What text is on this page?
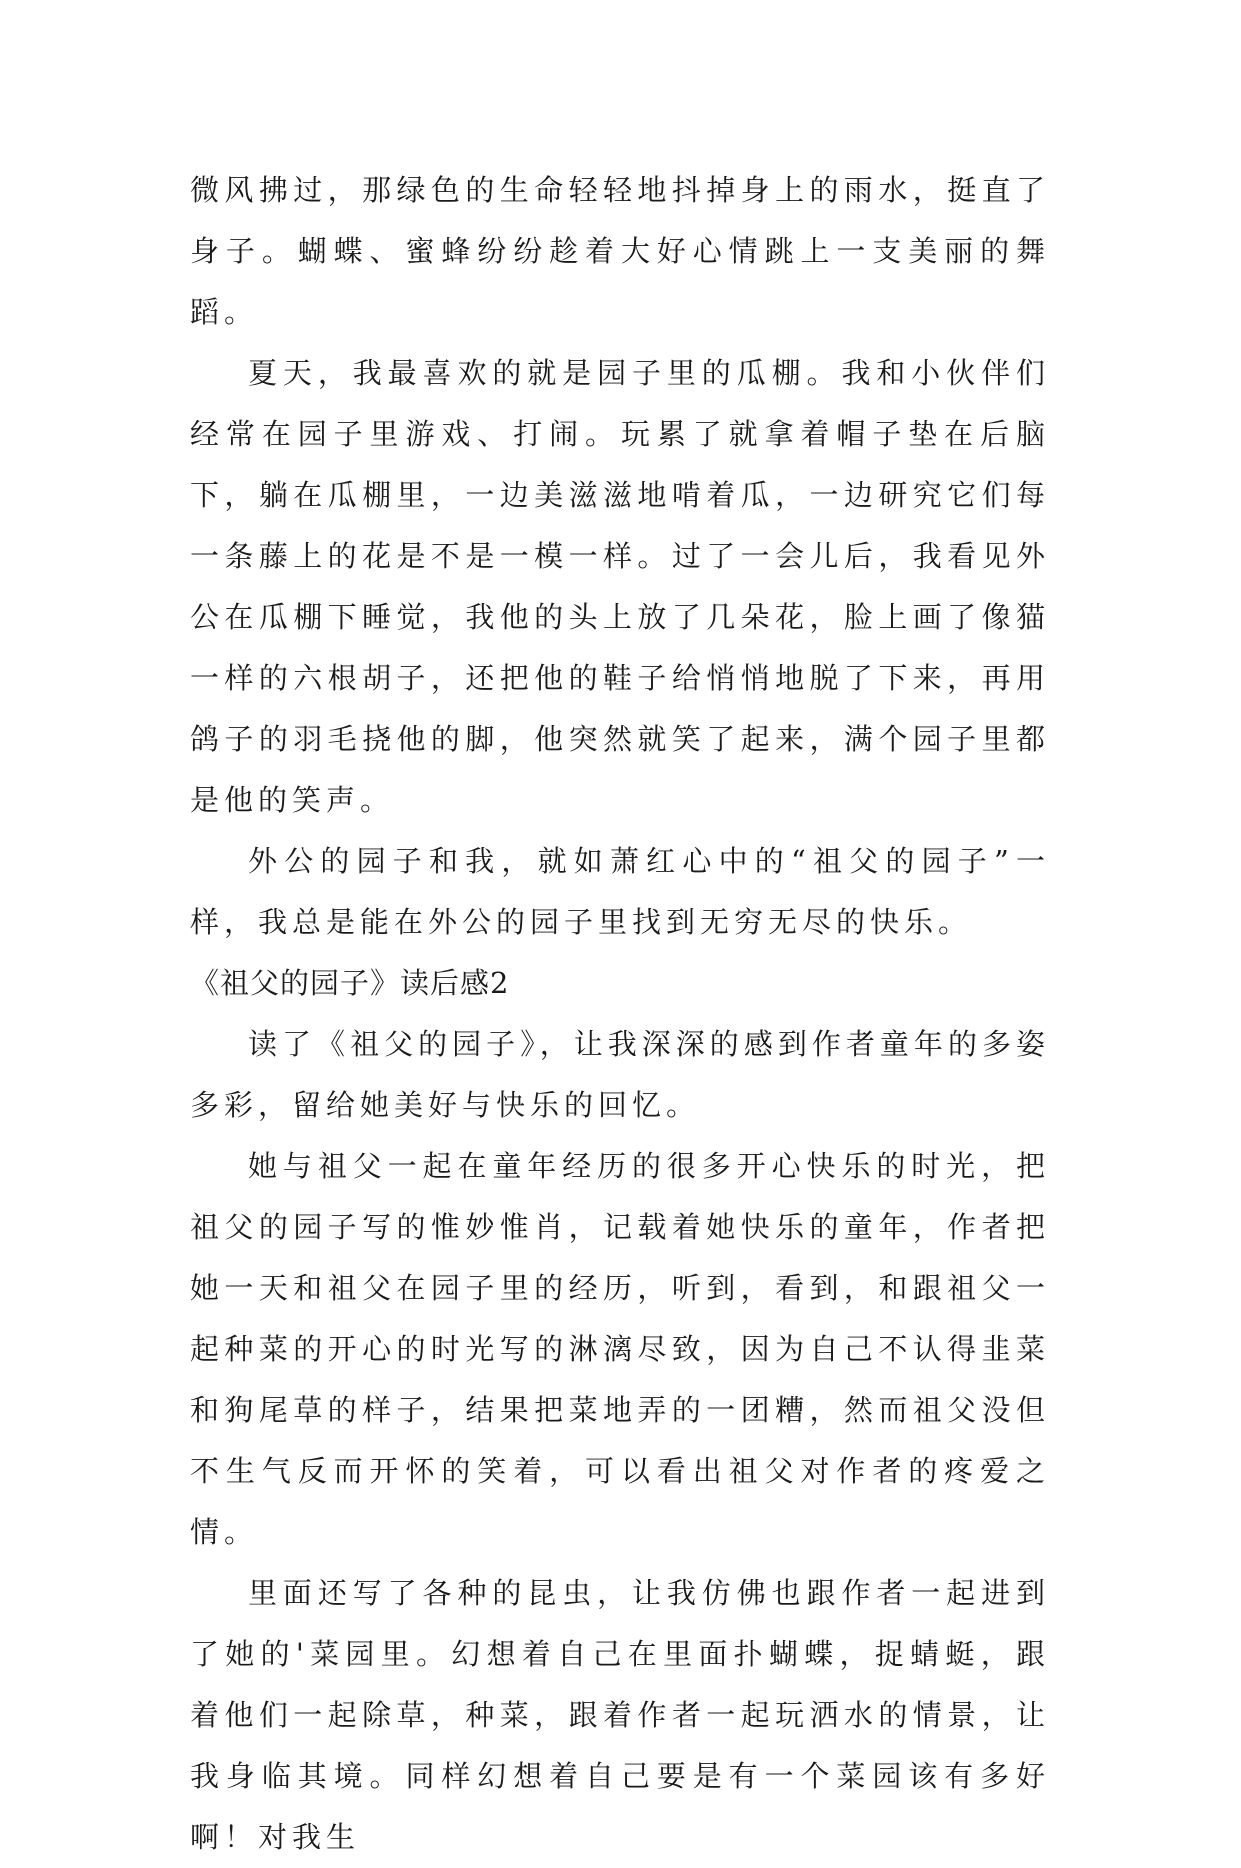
微风拂过，那绿色的生命轻轻地抖掉身上的雨水，挺直了身子。蝴蝶、蜜蜂纷纷趁着大好心情跳上一支美丽的舞蹈。

夏天，我最喜欢的就是园子里的瓜棚。我和小伙伴们经常在园子里游戏、打闹。玩累了就拿着帽子垫在后脑下，躺在瓜棚里，一边美滋滋地啃着瓜，一边研究它们每一条藤上的花是不是一模一样。过了一会儿后，我看见外公在瓜棚下睡觉，我他的头上放了几朵花，脸上画了像猫一样的六根胡子，还把他的鞋子给悄悄地脱了下来，再用鸽子的羽毛挠他的脚，他突然就笑了起来，满个园子里都是他的笑声。

外公的园子和我，就如萧红心中的“祖父的园子”一样，我总是能在外公的园子里找到无穷无尽的快乐。

《祖父的园子》读后感2

读了《祖父的园子》，让我深深的感到作者童年的多姿多彩，留给她美好与快乐的回忆。

她与祖父一起在童年经历的很多开心快乐的时光，把祖父的园子写的惟妙惟肖，记载着她快乐的童年，作者把她一天和祖父在园子里的经历，听到，看到，和跟祖父一起种菜的开心的时光写的淋漓尽致，因为自己不认得韭菜和狗尾草的样子，结果把菜地弄的一团糟，然而祖父没但不生气反而开怀的笑着，可以看出祖父对作者的疼爱之情。

里面还写了各种的昆虫，让我仿佛也跟作者一起进到了她的'菜园里。幻想着自己在里面扑蝴蝶，捉蜻蜓，跟着他们一起除草，种菜，跟着作者一起玩洒水的情景，让我身临其境。同样幻想着自己要是有一个菜园该有多好啊！对我生
